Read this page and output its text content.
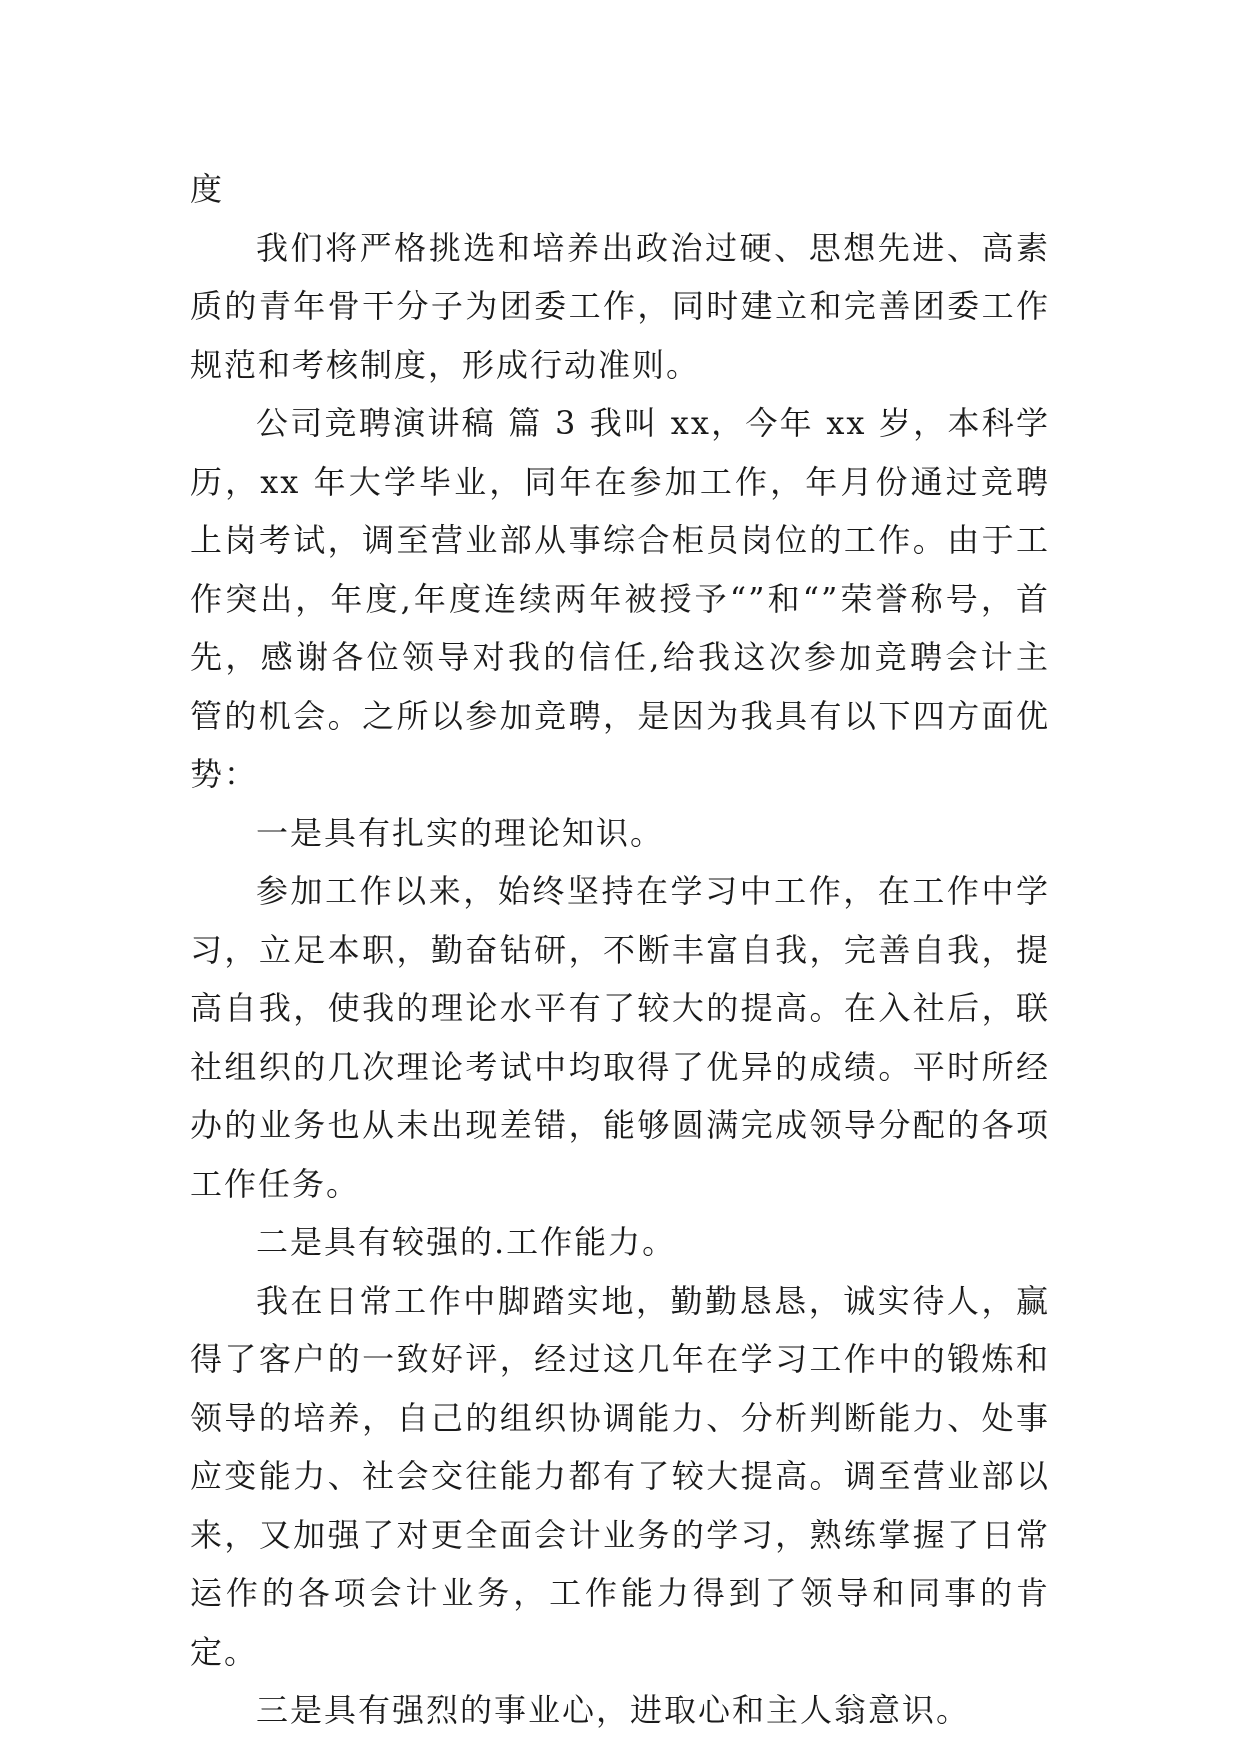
度

我们将严格挑选和培养出政治过硬、思想先进、高素质的青年骨干分子为团委工作，同时建立和完善团委工作规范和考核制度，形成行动准则。

公司竞聘演讲稿 篇 3 我叫 xx，今年 xx 岁，本科学历，xx 年大学毕业，同年在参加工作，年月份通过竞聘上岗考试，调至营业部从事综合柜员岗位的工作。由于工作突出，年度,年度连续两年被授予“”和“”荣誉称号，首先，感谢各位领导对我的信任,给我这次参加竞聘会计主管的机会。之所以参加竞聘，是因为我具有以下四方面优势：

一是具有扎实的理论知识。

参加工作以来，始终坚持在学习中工作，在工作中学习，立足本职，勤奋钻研，不断丰富自我，完善自我，提高自我，使我的理论水平有了较大的提高。在入社后，联社组织的几次理论考试中均取得了优异的成绩。平时所经办的业务也从未出现差错，能够圆满完成领导分配的各项工作任务。

二是具有较强的.工作能力。

我在日常工作中脚踏实地，勤勤恳恳，诚实待人，赢得了客户的一致好评，经过这几年在学习工作中的锻炼和领导的培养，自己的组织协调能力、分析判断能力、处事应变能力、社会交往能力都有了较大提高。调至营业部以来，又加强了对更全面会计业务的学习，熟练掌握了日常运作的各项会计业务，工作能力得到了领导和同事的肯定。

三是具有强烈的事业心，进取心和主人翁意识。
